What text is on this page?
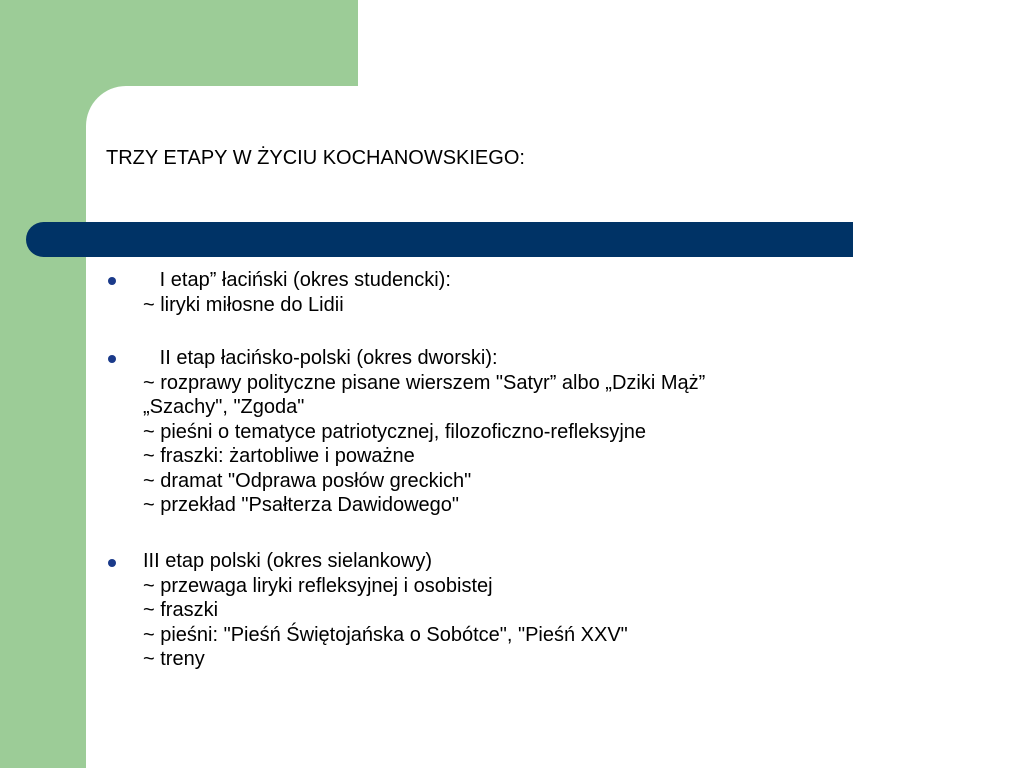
TRZY ETAPY W ŻYCIU KOCHANOWSKIEGO:
I etap” łaciński (okres studencki):
~ liryki miłosne do Lidii
II etap łacińsko-polski (okres dworski):
~ rozprawy polityczne pisane wierszem "Satyr” albo „Dziki Mąż”
„Szachy", "Zgoda"
~ pieśni o tematyce patriotycznej, filozoficzno-refleksyjne
~ fraszki: żartobliwe i poważne
~ dramat "Odprawa posłów greckich"
~ przekład "Psałterza Dawidowego"
III etap polski (okres sielankowy)
~ przewaga liryki refleksyjnej i osobistej
~ fraszki
~ pieśni: "Pieśń Świętojańska o Sobótce", "Pieśń XXV"
~ treny
